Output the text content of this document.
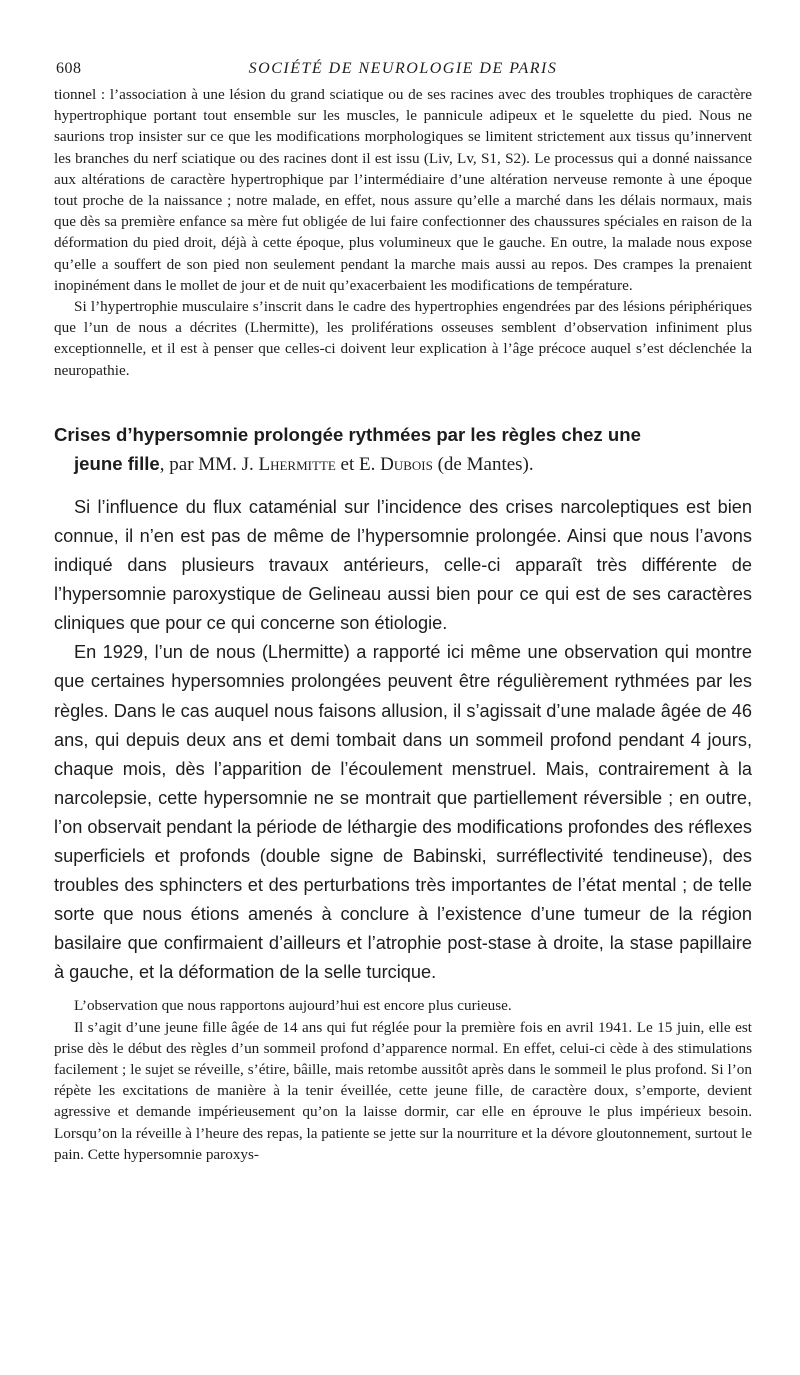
608	SOCIÉTÉ DE NEUROLOGIE DE PARIS

tionnel : l’association à une lésion du grand sciatique ou de ses racines avec des troubles trophiques de caractère hypertrophique portant tout ensemble sur les muscles, le pannicule adipeux et le squelette du pied. Nous ne saurions trop insister sur ce que les modifications morphologiques se limitent strictement aux tissus qu’innervent les branches du nerf sciatique ou des racines dont il est issu (Liv, Lv, S1, S2). Le processus qui a donné naissance aux altérations de caractère hypertrophique par l’intermédiaire d’une altération nerveuse remonte à une époque tout proche de la naissance ; notre malade, en effet, nous assure qu’elle a marché dans les délais normaux, mais que dès sa première enfance sa mère fut obligée de lui faire confectionner des chaussures spéciales en raison de la déformation du pied droit, déjà à cette époque, plus volumineux que le gauche. En outre, la malade nous expose qu’elle a souffert de son pied non seulement pendant la marche mais aussi au repos. Des crampes la prenaient inopinément dans le mollet de jour et de nuit qu’exacerbaient les modifications de température.

Si l’hypertrophie musculaire s’inscrit dans le cadre des hypertrophies engendrées par des lésions périphériques que l’un de nous a décrites (Lhermitte), les proliférations osseuses semblent d’observation infiniment plus exceptionnelle, et il est à penser que celles-ci doivent leur explication à l’âge précoce auquel s’est déclenchée la neuropathie.

Crises d’hypersomnie prolongée rythmées par les règles chez une
jeune fille, par MM. J. Lhermitte et E. Dubois (de Mantes).

Si l’influence du flux cataménial sur l’incidence des crises narcoleptiques est bien connue, il n’en est pas de même de l’hypersomnie prolongée. Ainsi que nous l’avons indiqué dans plusieurs travaux antérieurs, celle-ci apparaît très différente de l’hypersomnie paroxystique de Gelineau aussi bien pour ce qui est de ses caractères cliniques que pour ce qui concerne son étiologie.

En 1929, l’un de nous (Lhermitte) a rapporté ici même une observation qui montre que certaines hypersomnies prolongées peuvent être régulièrement rythmées par les règles. Dans le cas auquel nous faisons allusion, il s’agissait d’une malade âgée de 46 ans, qui depuis deux ans et demi tombait dans un sommeil profond pendant 4 jours, chaque mois, dès l’apparition de l’écoulement menstruel. Mais, contrairement à la narcolepsie, cette hypersomnie ne se montrait que partiellement réversible ; en outre, l’on observait pendant la période de léthargie des modifications profondes des réflexes superficiels et profonds (double signe de Babinski, surréflectivité tendineuse), des troubles des sphincters et des perturbations très importantes de l’état mental ; de telle sorte que nous étions amenés à conclure à l’existence d’une tumeur de la région basilaire que confirmaient d’ailleurs et l’atrophie post-stase à droite, la stase papillaire à gauche, et la déformation de la selle turcique.

L’observation que nous rapportons aujourd’hui est encore plus curieuse.

Il s’agit d’une jeune fille âgée de 14 ans qui fut réglée pour la première fois en avril 1941. Le 15 juin, elle est prise dès le début des règles d’un sommeil profond d’apparence normal. En effet, celui-ci cède à des stimulations facilement ; le sujet se réveille, s’étire, bâille, mais retombe aussitôt après dans le sommeil le plus profond. Si l’on répète les excitations de manière à la tenir éveillée, cette jeune fille, de caractère doux, s’emporte, devient agressive et demande impérieusement qu’on la laisse dormir, car elle en éprouve le plus impérieux besoin. Lorsqu’on la réveille à l’heure des repas, la patiente se jette sur la nourriture et la dévore gloutonnement, surtout le pain. Cette hypersomnie paroxys-
